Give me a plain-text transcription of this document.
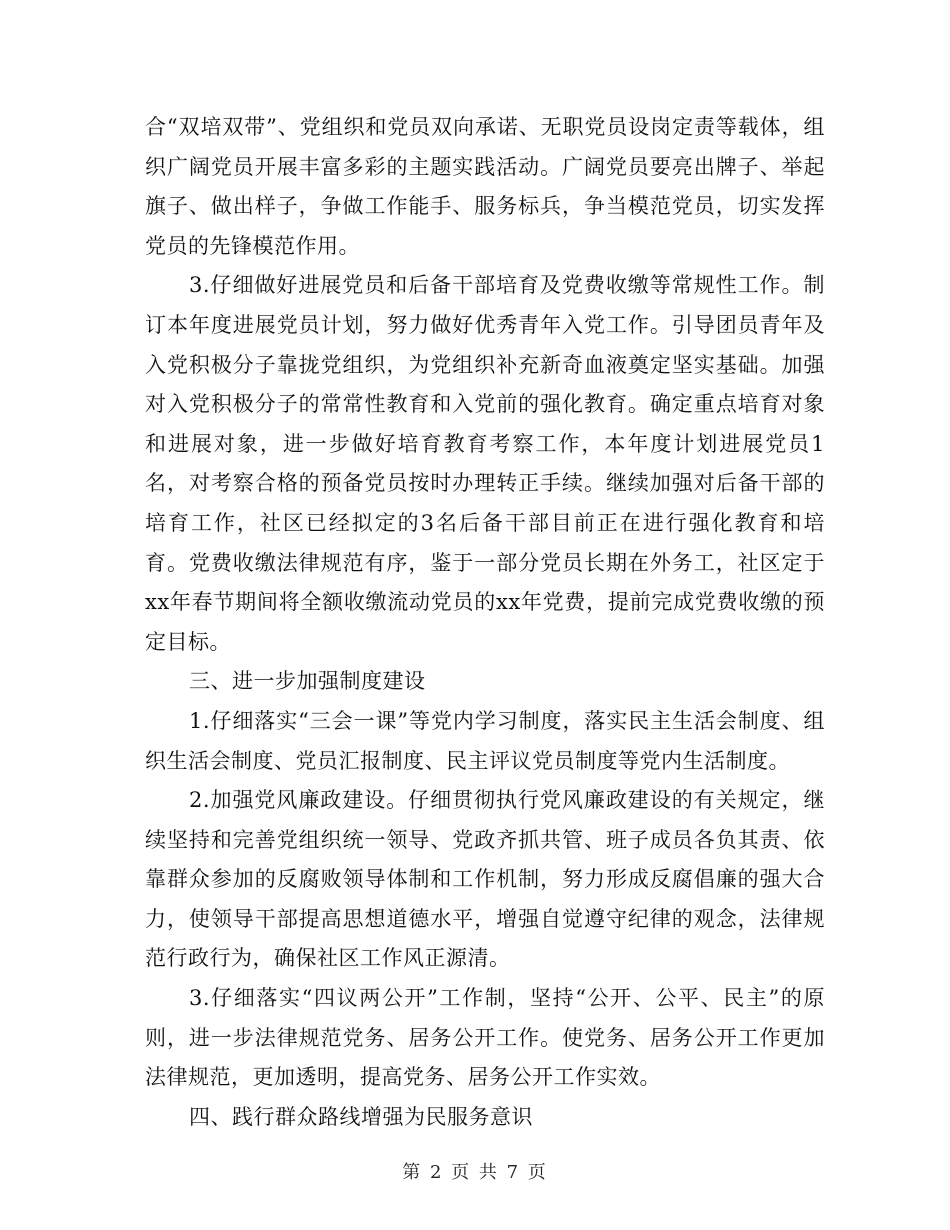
合“双培双带”、党组织和党员双向承诺、无职党员设岗定责等载体，组织广阔党员开展丰富多彩的主题实践活动。广阔党员要亮出牌子、举起旗子、做出样子，争做工作能手、服务标兵，争当模范党员，切实发挥党员的先锋模范作用。

3.仔细做好进展党员和后备干部培育及党费收缴等常规性工作。制订本年度进展党员计划，努力做好优秀青年入党工作。引导团员青年及入党积极分子靠拢党组织，为党组织补充新奇血液奠定坚实基础。加强对入党积极分子的常常性教育和入党前的强化教育。确定重点培育对象和进展对象，进一步做好培育教育考察工作，本年度计划进展党员1名，对考察合格的预备党员按时办理转正手续。继续加强对后备干部的培育工作，社区已经拟定的3名后备干部目前正在进行强化教育和培育。党费收缴法律规范有序，鉴于一部分党员长期在外务工，社区定于xx年春节期间将全额收缴流动党员的xx年党费，提前完成党费收缴的预定目标。

三、进一步加强制度建设

1.仔细落实“三会一课”等党内学习制度，落实民主生活会制度、组织生活会制度、党员汇报制度、民主评议党员制度等党内生活制度。

2.加强党风廉政建设。仔细贯彻执行党风廉政建设的有关规定，继续坚持和完善党组织统一领导、党政齐抓共管、班子成员各负其责、依靠群众参加的反腐败领导体制和工作机制，努力形成反腐倡廉的强大合力，使领导干部提高思想道德水平，增强自觉遵守纪律的观念，法律规范行政行为，确保社区工作风正源清。

3.仔细落实“四议两公开”工作制，坚持“公开、公平、民主”的原则，进一步法律规范党务、居务公开工作。使党务、居务公开工作更加法律规范，更加透明，提高党务、居务公开工作实效。

四、践行群众路线增强为民服务意识

第 2 页 共 7 页
